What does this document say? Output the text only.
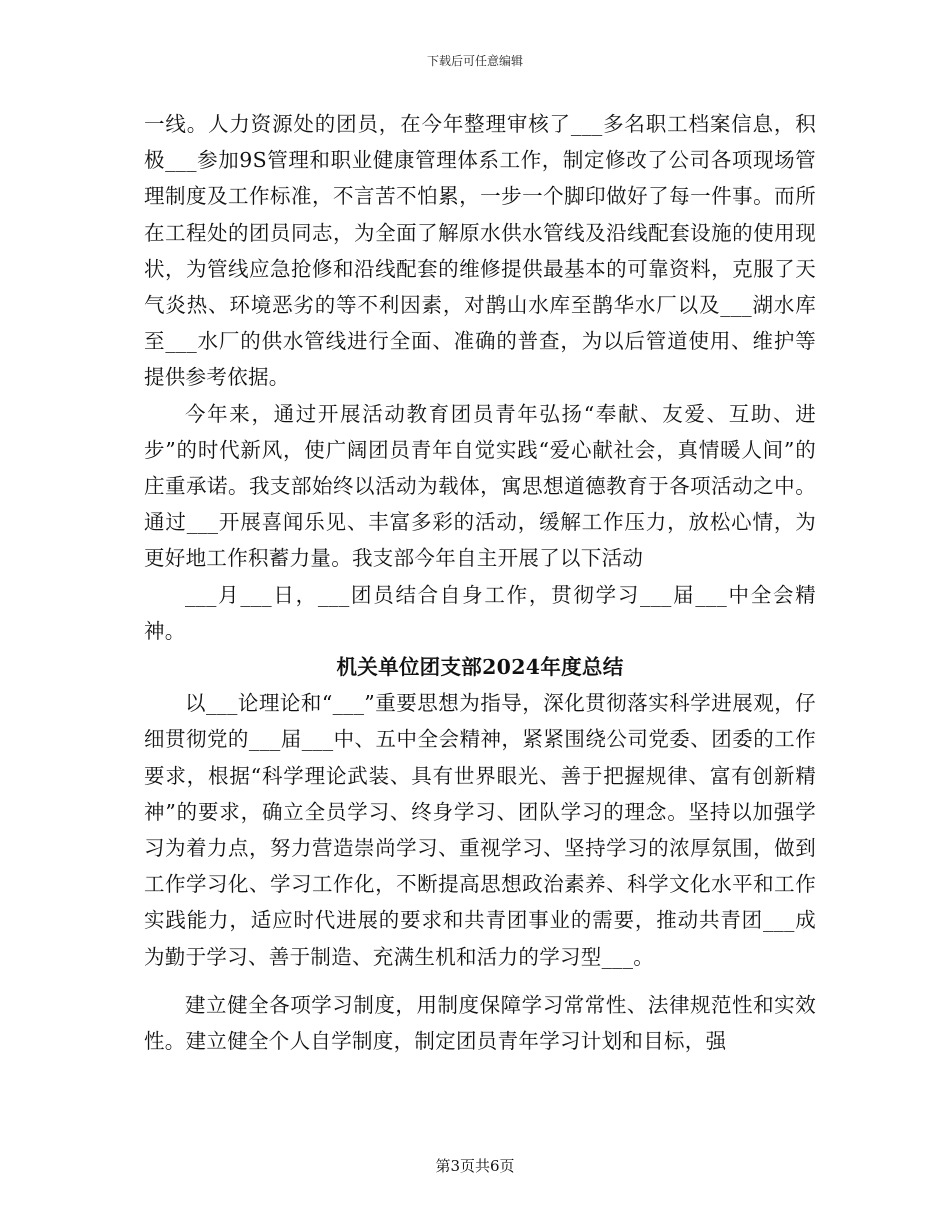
下载后可任意编辑

一线。人力资源处的团员，在今年整理审核了___多名职工档案信息，积极___参加9S管理和职业健康管理体系工作，制定修改了公司各项现场管理制度及工作标准，不言苦不怕累，一步一个脚印做好了每一件事。而所在工程处的团员同志，为全面了解原水供水管线及沿线配套设施的使用现状，为管线应急抢修和沿线配套的维修提供最基本的可靠资料，克服了天气炎热、环境恶劣的等不利因素，对鹊山水库至鹊华水厂以及___湖水库至___水厂的供水管线进行全面、准确的普查，为以后管道使用、维护等提供参考依据。

今年来，通过开展活动教育团员青年弘扬“奉献、友爱、互助、进步”的时代新风，使广阔团员青年自觉实践“爱心献社会，真情暖人间”的庄重承诺。我支部始终以活动为载体，寓思想道德教育于各项活动之中。通过___开展喜闻乐见、丰富多彩的活动，缓解工作压力，放松心情，为更好地工作积蓄力量。我支部今年自主开展了以下活动

___月___日，___团员结合自身工作，贯彻学习___届___中全会精神。

机关单位团支部2024年度总结

以___论理论和“___”重要思想为指导，深化贯彻落实科学进展观，仔细贯彻党的___届___中、五中全会精神，紧紧围绕公司党委、团委的工作要求，根据“科学理论武装、具有世界眼光、善于把握规律、富有创新精神”的要求，确立全员学习、终身学习、团队学习的理念。坚持以加强学习为着力点，努力营造崇尚学习、重视学习、坚持学习的浓厚氛围，做到工作学习化、学习工作化，不断提高思想政治素养、科学文化水平和工作实践能力，适应时代进展的要求和共青团事业的需要，推动共青团___成为勤于学习、善于制造、充满生机和活力的学习型___。

建立健全各项学习制度，用制度保障学习常常性、法律规范性和实效性。建立健全个人自学制度，制定团员青年学习计划和目标，强

第3页共6页
